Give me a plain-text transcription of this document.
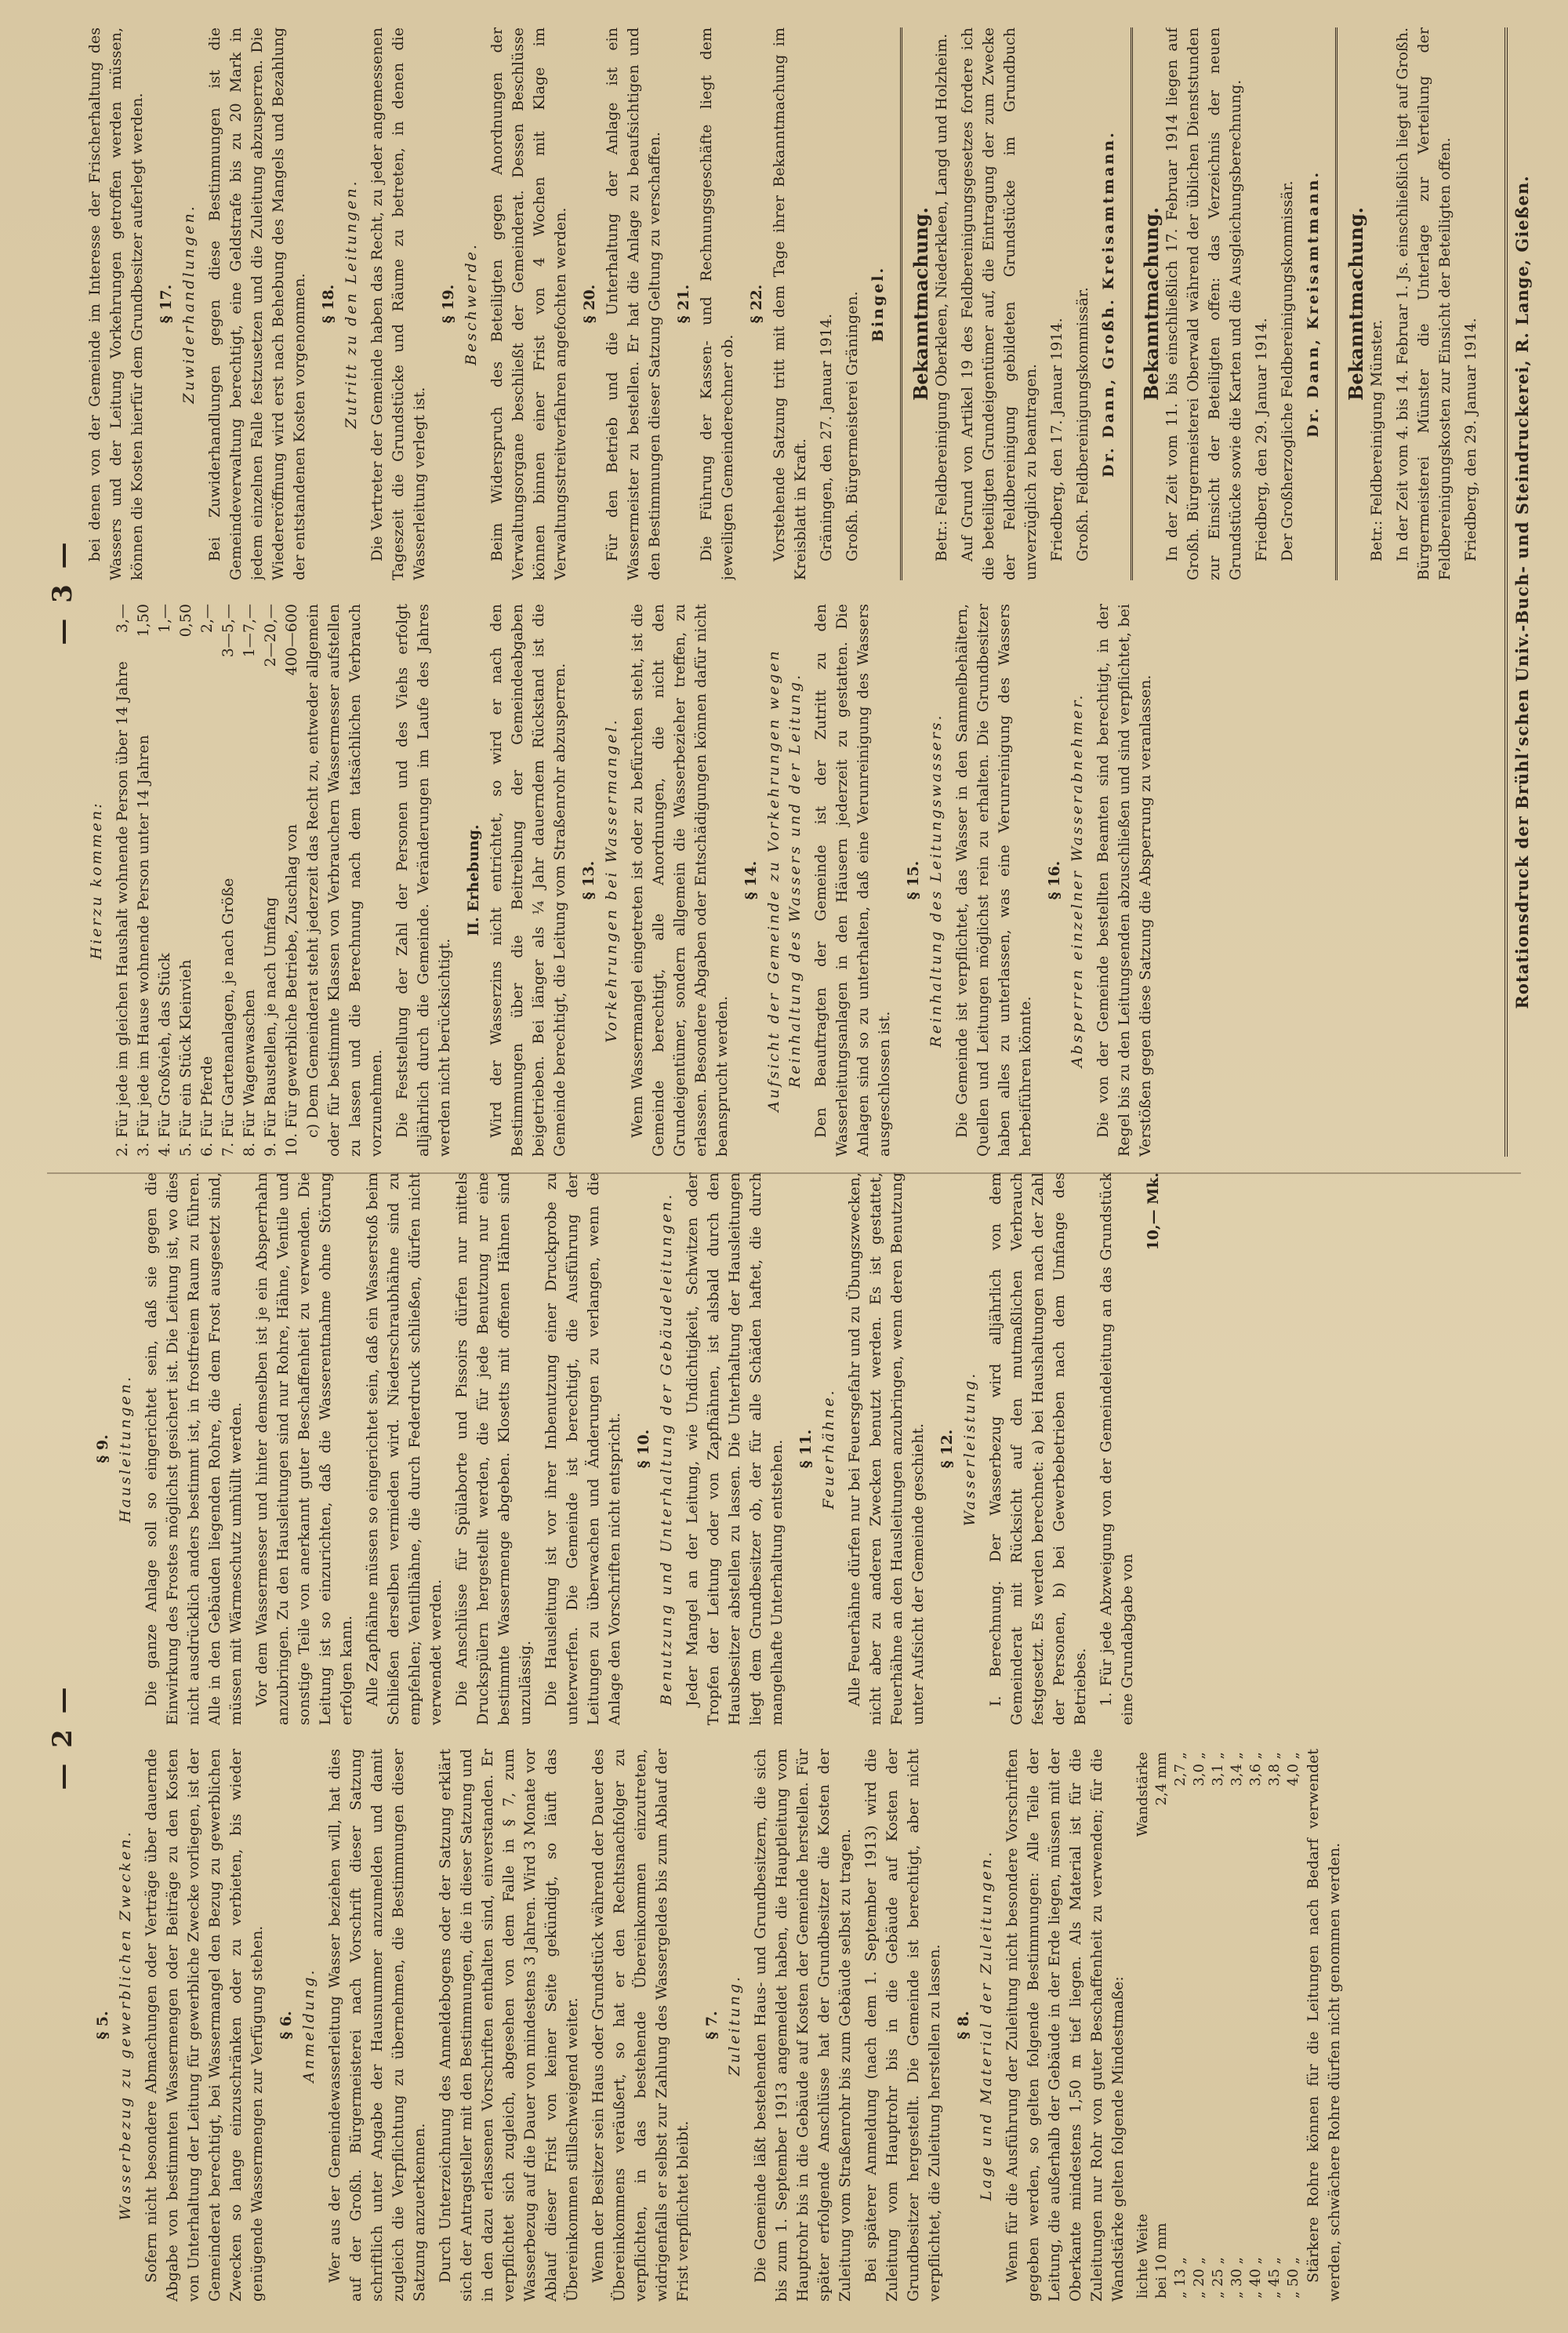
— 2 —
§ 5. Wasserbezug zu gewerblichen Zwecken. Sofern nicht besondere Abmachungen oder Verträge über dauernde Abgabe von bestimmten Wassermengen oder Beiträge zu den Kosten von Unterhaltung der Leitung für gewerbliche Zwecke vorliegen, ist der Gemeinderat berechtigt, bei Wassermangel den Bezug zu gewerblichen Zwecken so lange einzuschränken oder zu verbieten, bis wieder genügende Wassermengen zur Verfügung stehen. § 6. Anmeldung. Wer aus der Gemeindewasserleitung Wasser beziehen will, hat dies auf der Großh. Bürgermeisterei nach Vorschrift dieser Satzung schriftlich unter Angabe der Hausnummer anzumelden und damit zugleich die Verpflichtung zu übernehmen, die Bestimmungen dieser Satzung anzuerkennen. Durch Unterzeichnung des Anmeldebogens oder der Satzung erklärt sich der Antragsteller mit den Bestimmungen, die in dieser Satzung und in den dazu erlassenen Vorschriften enthalten sind, einverstanden. Er verpflichtet sich zugleich, abgesehen von dem Falle in § 7, zum Wasserbezug auf die Dauer von mindestens 3 Jahren. Wird 3 Monate vor Ablauf dieser Frist von keiner Seite gekündigt, so läuft das Übereinkommen stillschweigend weiter. Wenn der Besitzer sein Haus oder Grundstück während der Dauer des Übereinkommens veräußert, so hat er den Rechtsnachfolger zu verpflichten, in das bestehende Übereinkommen einzutreten, widrigenfalls er selbst zur Zahlung des Wassergeldes bis zum Ablauf der Frist verpflichtet bleibt.

§ 7. Zuleitung. Die Gemeinde läßt bestehenden Haus- und Grundbesitzern, die sich bis zum 1. September 1913 angemeldet haben, die Hauptleitung vom Hauptrohr bis in die Gebäude auf Kosten der Gemeinde herstellen. Für später erfolgende Anschlüsse hat der Grundbesitzer die Kosten der Zuleitung vom Straßenrohr bis zum Gebäude selbst zu tragen. Bei späterer Anmeldung (nach dem 1. September 1913) wird die Zuleitung vom Hauptrohr bis in die Gebäude auf Kosten der Grundbesitzer hergestellt. Die Gemeinde ist berechtigt, aber nicht verpflichtet, die Zuleitung herstellen zu lassen. § 8. Lage und Material der Zuleitungen. Wenn für die Ausführung der Zuleitung nicht besondere Vorschriften gegeben werden, so gelten folgende Bestimmungen: Alle Teile der Leitung, die außerhalb der Gebäude in der Erde liegen, müssen mit der Oberkante mindestens 1,50 m tief liegen. Als Material ist für die Zuleitungen nur Rohr von guter Beschaffenheit zu verwenden; für die Wandstärke gelten folgende Mindestmaße: lichte Weite	Wandstärke
bei 10 mm	2,4 mm
„ 13 „	2,7 „
„ 20 „	3,0 „
„ 25 „	3,1 „
„ 30 „	3,4 „
„ 40 „	3,6 „
„ 45 „	3,8 „
„ 50 „	4,0 „ Stärkere Rohre können für die Leitungen nach Bedarf verwendet werden, schwächere Rohre dürfen nicht genommen werden.

§ 9. Hausleitungen. Die ganze Anlage soll so eingerichtet sein, daß sie gegen die Einwirkung des Frostes möglichst gesichert ist. Die Leitung ist, wo dies nicht ausdrücklich anders bestimmt ist, in frostfreiem Raum zu führen. Alle in den Gebäuden liegenden Rohre, die dem Frost ausgesetzt sind, müssen mit Wärmeschutz umhüllt werden. Vor dem Wassermesser und hinter demselben ist je ein Absperrhahn anzubringen. Zu den Hausleitungen sind nur Rohre, Hähne, Ventile und sonstige Teile von anerkannt guter Beschaffenheit zu verwenden. Die Leitung ist so einzurichten, daß die Wasserentnahme ohne Störung erfolgen kann. Alle Zapfhähne müssen so eingerichtet sein, daß ein Wasserstoß beim Schließen derselben vermieden wird. Niederschraubhähne sind zu empfehlen; Ventilhähne, die durch Federdruck schließen, dürfen nicht verwendet werden. Die Anschlüsse für Spülaborte und Pissoirs dürfen nur mittels Druckspülern hergestellt werden, die für jede Benutzung nur eine bestimmte Wassermenge abgeben. Klosetts mit offenen Hähnen sind unzulässig. Die Hausleitung ist vor ihrer Inbenutzung einer Druckprobe zu unterwerfen. Die Gemeinde ist berechtigt, die Ausführung der Leitungen zu überwachen und Änderungen zu verlangen, wenn die Anlage den Vorschriften nicht entspricht. § 10. Benutzung und Unterhaltung der Gebäudeleitungen. Jeder Mangel an der Leitung, wie Undichtigkeit, Schwitzen oder Tropfen der Leitung oder von Zapfhähnen, ist alsbald durch den Hausbesitzer abstellen zu lassen. Die Unterhaltung der Hausleitungen liegt dem Grundbesitzer ob, der für alle Schäden haftet, die durch mangelhafte Unterhaltung entstehen. § 11. Feuerhähne. Alle Feuerhähne dürfen nur bei Feuersgefahr und zu Übungszwecken, nicht aber zu anderen Zwecken benutzt werden. Es ist gestattet, Feuerhähne an den Hausleitungen anzubringen, wenn deren Benutzung unter Aufsicht der Gemeinde geschieht. § 12. Wasserleistung. I. Berechnung. Der Wasserbezug wird alljährlich von dem Gemeinderat mit Rücksicht auf den mutmaßlichen Verbrauch festgesetzt. Es werden berechnet: a) bei Haushaltungen nach der Zahl der Personen, b) bei Gewerbebetrieben nach dem Umfange des Betriebes. 1. Für jede Abzweigung von der Gemeindeleitung an das Grundstück eine Grundabgabe von

10,— Mk.
— 3 —
Hierzu kommen: 2. Für jede im gleichen Haushalt wohnende Person über 14 Jahre
3,—
3. Für jede im Hause wohnende Person unter 14 Jahren
1,50
4. Für Großvieh, das Stück
1,—
5. Für ein Stück Kleinvieh
0,50
6. Für Pferde
2,—
7. Für Gartenanlagen, je nach Größe
3—5,—
8. Für Wagenwaschen
1—7,—
9. Für Baustellen, je nach Umfang
2—20,—
10. Für gewerbliche Betriebe, Zuschlag von
400—600 c) Dem Gemeinderat steht jederzeit das Recht zu, entweder allgemein oder für bestimmte Klassen von Verbrauchern Wassermesser aufstellen zu lassen und die Berechnung nach dem tatsächlichen Verbrauch vorzunehmen. Die Feststellung der Zahl der Personen und des Viehs erfolgt alljährlich durch die Gemeinde. Veränderungen im Laufe des Jahres werden nicht berücksichtigt.

II. Erhebung. Wird der Wasserzins nicht entrichtet, so wird er nach den Bestimmungen über die Beitreibung der Gemeindeabgaben beigetrieben. Bei länger als ¼ Jahr dauerndem Rückstand ist die Gemeinde berechtigt, die Leitung vom Straßenrohr abzusperren. § 13. Vorkehrungen bei Wassermangel. Wenn Wassermangel eingetreten ist oder zu befürchten steht, ist die Gemeinde berechtigt, alle Anordnungen, die nicht den Grundeigentümer, sondern allgemein die Wasserbezieher treffen, zu erlassen. Besondere Abgaben oder Entschädigungen können dafür nicht beansprucht werden.

§ 14. Aufsicht der Gemeinde zu Vorkehrungen wegen Reinhaltung des Wassers und der Leitung. Den Beauftragten der Gemeinde ist der Zutritt zu den Wasserleitungsanlagen in den Häusern jederzeit zu gestatten. Die Anlagen sind so zu unterhalten, daß eine Verunreinigung des Wassers ausgeschlossen ist.

§ 15. Reinhaltung des Leitungswassers. Die Gemeinde ist verpflichtet, das Wasser in den Sammelbehältern, Quellen und Leitungen möglichst rein zu erhalten. Die Grundbesitzer haben alles zu unterlassen, was eine Verunreinigung des Wassers herbeiführen könnte.

§ 16. Absperren einzelner Wasserabnehmer. Die von der Gemeinde bestellten Beamten sind berechtigt, in der Regel bis zu den Leitungsenden abzuschließen und sind verpflichtet, bei Verstößen gegen diese Satzung die Absperrung zu veranlassen.

bei denen von der Gemeinde im Interesse der Frischerhaltung des Wassers und der Leitung Vorkehrungen getroffen werden müssen, können die Kosten hierfür dem Grundbesitzer auferlegt werden. § 17. Zuwiderhandlungen. Bei Zuwiderhandlungen gegen diese Bestimmungen ist die Gemeindeverwaltung berechtigt, eine Geldstrafe bis zu 20 Mark in jedem einzelnen Falle festzusetzen und die Zuleitung abzusperren. Die Wiedereröffnung wird erst nach Behebung des Mangels und Bezahlung der entstandenen Kosten vorgenommen. § 18. Zutritt zu den Leitungen. Die Vertreter der Gemeinde haben das Recht, zu jeder angemessenen Tageszeit die Grundstücke und Räume zu betreten, in denen die Wasserleitung verlegt ist.

§ 19. Beschwerde. Beim Widerspruch des Beteiligten gegen Anordnungen der Verwaltungsorgane beschließt der Gemeinderat. Dessen Beschlüsse können binnen einer Frist von 4 Wochen mit Klage im Verwaltungsstreitverfahren angefochten werden. § 20. Für den Betrieb und die Unterhaltung der Anlage ist ein Wassermeister zu bestellen. Er hat die Anlage zu beaufsichtigen und den Bestimmungen dieser Satzung Geltung zu verschaffen. § 21. Die Führung der Kassen- und Rechnungsgeschäfte liegt dem jeweiligen Gemeinderechner ob.

§ 22. Vorstehende Satzung tritt mit dem Tage ihrer Bekanntmachung im Kreisblatt in Kraft. Gräningen, den 27. Januar 1914. Großh. Bürgermeisterei Gräningen. Bingel.	Bekanntmachung. Betr.: Feldbereinigung Oberkleen, Niederkleen, Langd und Holzheim. Auf Grund von Artikel 19 des Feldbereinigungsgesetzes fordere ich die beteiligten Grundeigentümer auf, die Eintragung der zum Zwecke der Feldbereinigung gebildeten Grundstücke im Grundbuch unverzüglich zu beantragen. Friedberg, den 17. Januar 1914. Großh. Feldbereinigungskommissär. Dr. Dann, Großh. Kreisamtmann.	Bekanntmachung. In der Zeit vom 11. bis einschließlich 17. Februar 1914 liegen auf Großh. Bürgermeisterei Oberwald während der üblichen Dienststunden zur Einsicht der Beteiligten offen: das Verzeichnis der neuen Grundstücke sowie die Karten und die Ausgleichungsberechnung. Friedberg, den 29. Januar 1914. Der Großherzogliche Feldbereinigungskommissär. Dr. Dann, Kreisamtmann.	Bekanntmachung.

Betr.: Feldbereinigung Münster. In der Zeit vom 4. bis 14. Februar 1. Js. einschließlich liegt auf Großh. Bürgermeisterei Münster die Unterlage zur Verteilung der Feldbereinigungskosten zur Einsicht der Beteiligten offen. Friedberg, den 29. Januar 1914.	Rotationsdruck der Brühl’schen Univ.-Buch- und Steindruckerei, R. Lange, Gießen.
